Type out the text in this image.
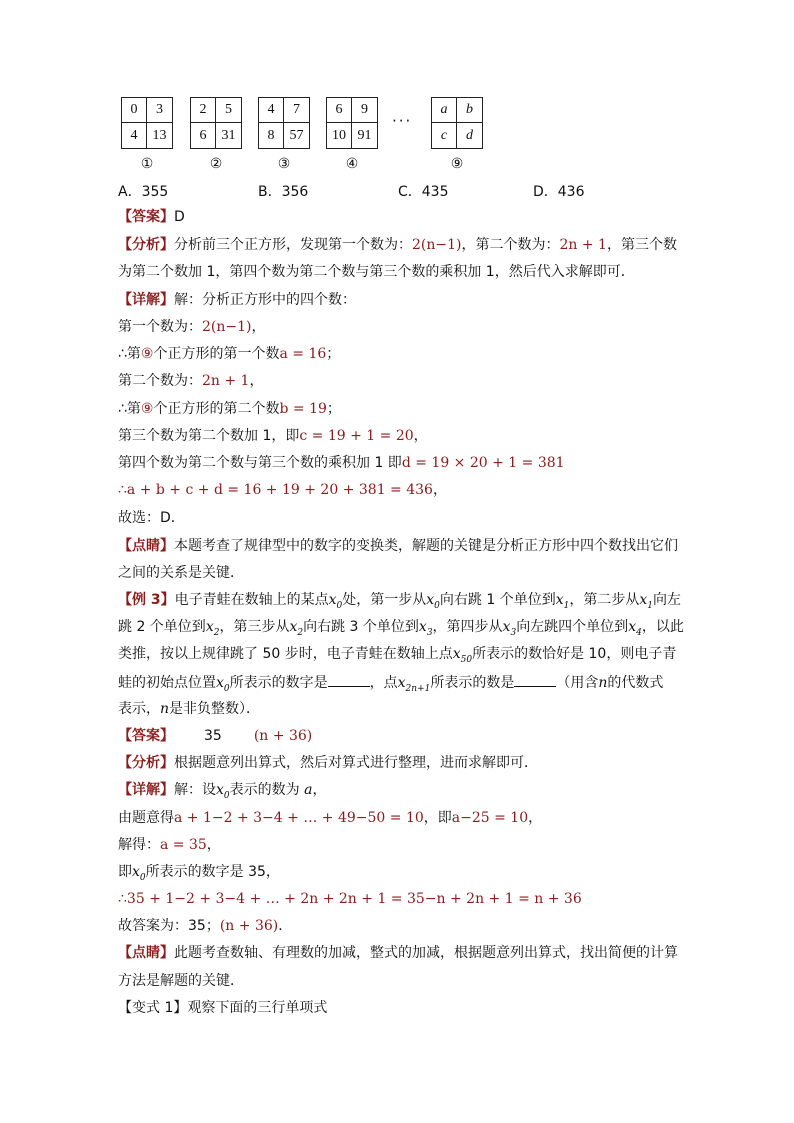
0	3
4	13
2	5
6	31
4	7
8	57
6	9
10 91
···
a	b
c	d
①	②	③	④	⑨
A．355	B．356	C．435	D．436
【答案】D
【分析】分析前三个正方形，发现第一个数为：2(n−1)，第二个数为：2n + 1，第三个数
为第二个数加 1，第四个数为第二个数与第三个数的乘积加 1，然后代入求解即可．
【详解】解：分析正方形中的四个数：
第一个数为：2(n−1)，
∴第⑨个正方形的第一个数a = 16；
第二个数为：2n + 1，
∴第⑨个正方形的第二个数b = 19；
第三个数为第二个数加 1，即c = 19 + 1 = 20，
第四个数为第二个数与第三个数的乘积加 1 即d = 19 × 20 + 1 = 381
∴a + b + c + d = 16 + 19 + 20 + 381 = 436，
故选：D．
【点睛】本题考查了规律型中的数字的变换类，解题的关键是分析正方形中四个数找出它们
之间的关系是关键．
【例 3】电子青蛙在数轴上的某点$x_0$处，第一步从$x_0$向右跳 1 个单位到$x_1$，第二步从$x_1$向左
跳 2 个单位到$x_2$，第三步从$x_2$向右跳 3 个单位到$x_3$，第四步从$x_3$向左跳四个单位到$x_4$，以此
类推，按以上规律跳了 50 步时，电子青蛙在数轴上点$x_{50}$所表示的数恰好是 10，则电子青
蛙的初始点位置$x_0$所表示的数字是	，点$x_{2n+1}$所表示的数是	（用含n的代数式
表示，n是非负整数）．
【答案】 35 (n + 36)
【分析】根据题意列出算式，然后对算式进行整理，进而求解即可．
【详解】解：设$x_0$表示的数为 a，
由题意得a + 1−2 + 3−4 + … + 49−50 = 10，即a−25 = 10，
解得：a = 35，
即$x_0$所表示的数字是 35，
∴35 + 1−2 + 3−4 + … + 2n + 2n + 1 = 35−n + 2n + 1 = n + 36
故答案为：35；(n + 36)．
【点睛】此题考查数轴、有理数的加减，整式的加减，根据题意列出算式，找出简便的计算
方法是解题的关键．
【变式 1】观察下面的三行单项式
